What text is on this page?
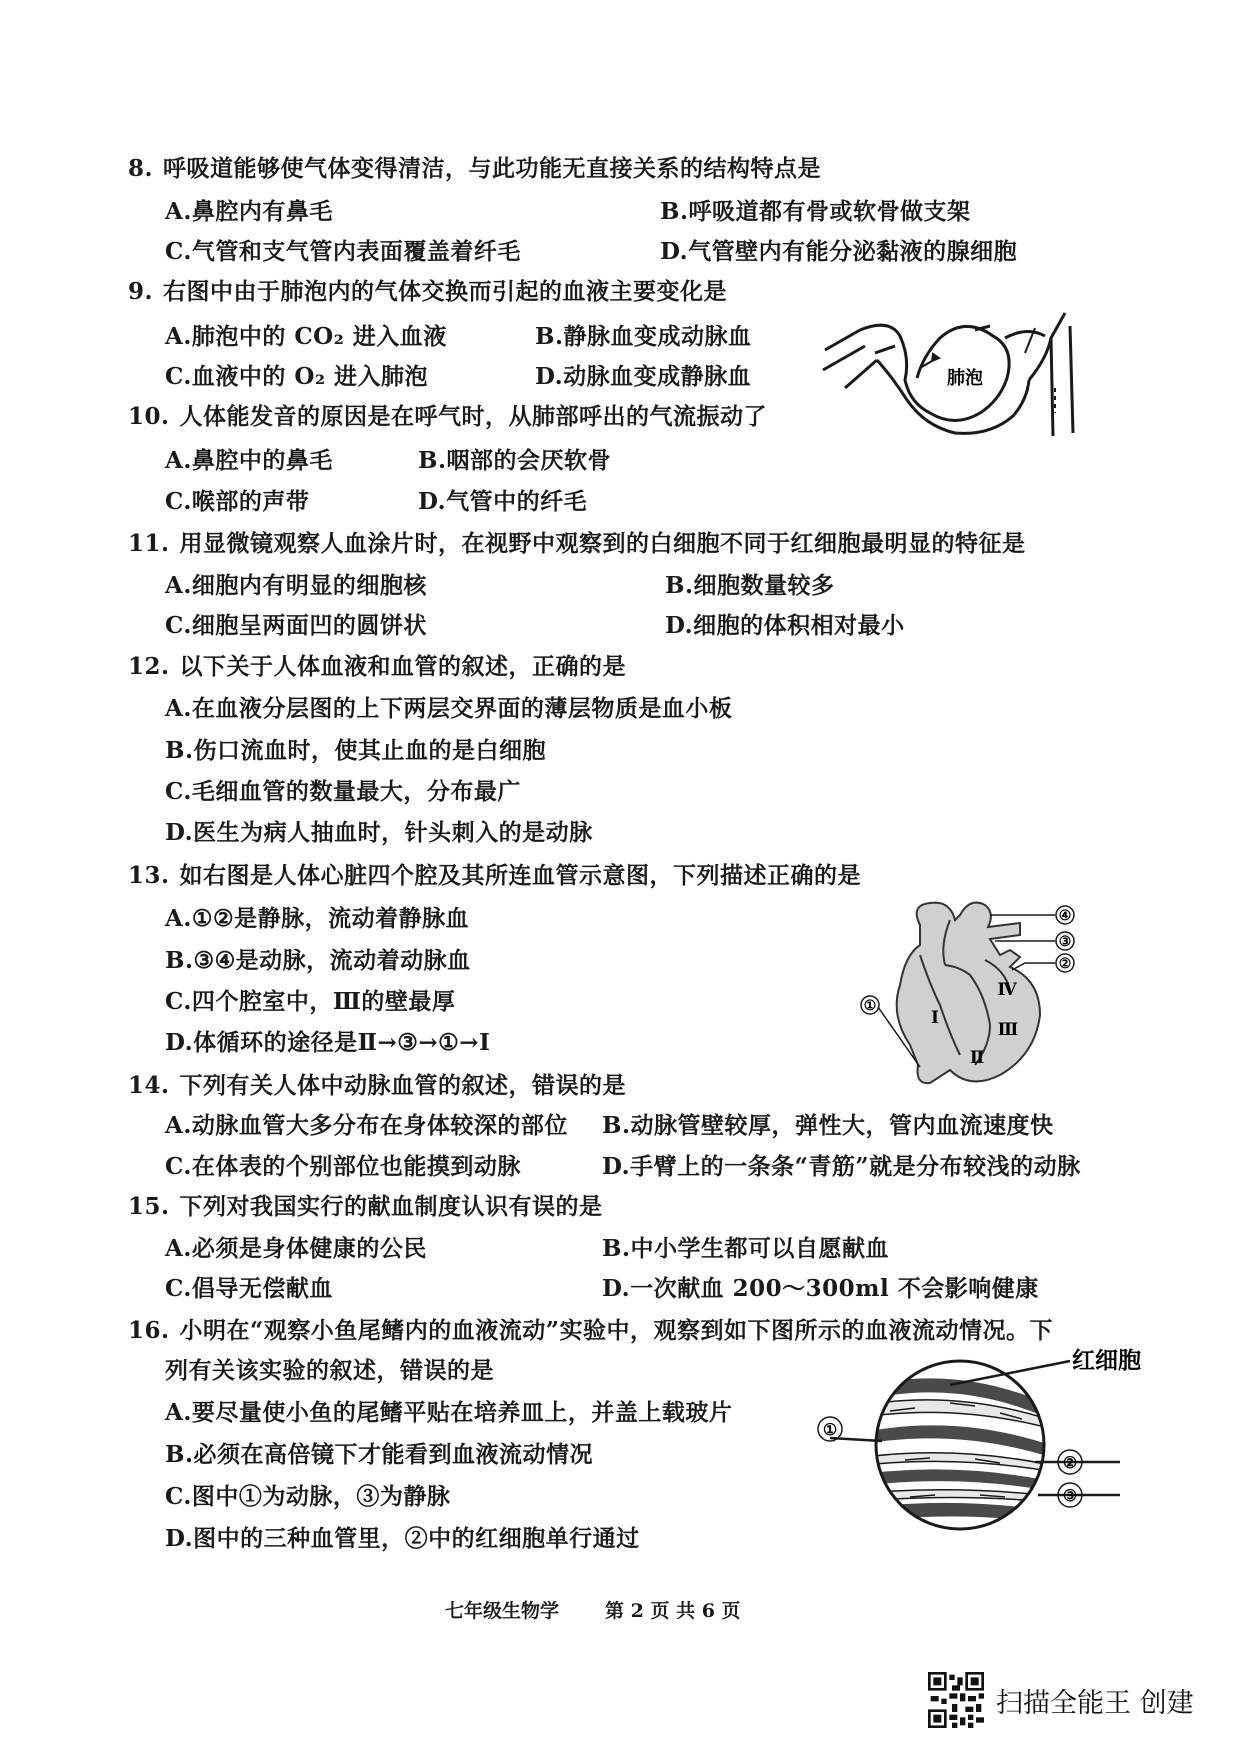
8. 呼吸道能够使气体变得清洁，与此功能无直接关系的结构特点是
A.鼻腔内有鼻毛	B.呼吸道都有骨或软骨做支架
C.气管和支气管内表面覆盖着纤毛	D.气管壁内有能分泌黏液的腺细胞
9. 右图中由于肺泡内的气体交换而引起的血液主要变化是
A.肺泡中的 CO₂ 进入血液	B.静脉血变成动脉血
C.血液中的 O₂ 进入肺泡	D.动脉血变成静脉血	肺泡
10. 人体能发音的原因是在呼气时，从肺部呼出的气流振动了
A.鼻腔中的鼻毛	B.咽部的会厌软骨
C.喉部的声带	D.气管中的纤毛
11. 用显微镜观察人血涂片时，在视野中观察到的白细胞不同于红细胞最明显的特征是
A.细胞内有明显的细胞核	B.细胞数量较多
C.细胞呈两面凹的圆饼状	D.细胞的体积相对最小
12. 以下关于人体血液和血管的叙述，正确的是
A.在血液分层图的上下两层交界面的薄层物质是血小板
B.伤口流血时，使其止血的是白细胞
C.毛细血管的数量最大，分布最广
D.医生为病人抽血时，针头刺入的是动脉
13. 如右图是人体心脏四个腔及其所连血管示意图，下列描述正确的是
A.①②是静脉，流动着静脉血
B.③④是动脉，流动着动脉血
C.四个腔室中，Ⅲ的壁最厚
D.体循环的途径是Ⅱ→③→①→Ⅰ
④
③
②
①
Ⅰ
Ⅱ
Ⅲ
Ⅳ
14. 下列有关人体中动脉血管的叙述，错误的是
A.动脉血管大多分布在身体较深的部位 B.动脉管壁较厚，弹性大，管内血流速度快
C.在体表的个别部位也能摸到动脉	D.手臂上的一条条“青筋”就是分布较浅的动脉
15. 下列对我国实行的献血制度认识有误的是
A.必须是身体健康的公民	B.中小学生都可以自愿献血
C.倡导无偿献血	D.一次献血 200～300ml 不会影响健康
16. 小明在“观察小鱼尾鳍内的血液流动”实验中，观察到如下图所示的血液流动情况。下
列有关该实验的叙述，错误的是
A.要尽量使小鱼的尾鳍平贴在培养皿上，并盖上载玻片
B.必须在高倍镜下才能看到血液流动情况
C.图中①为动脉，③为静脉
D.图中的三种血管里，②中的红细胞单行通过
红细胞
①
②
③
七年级生物学 第 2 页 共 6 页
扫描全能王 创建
